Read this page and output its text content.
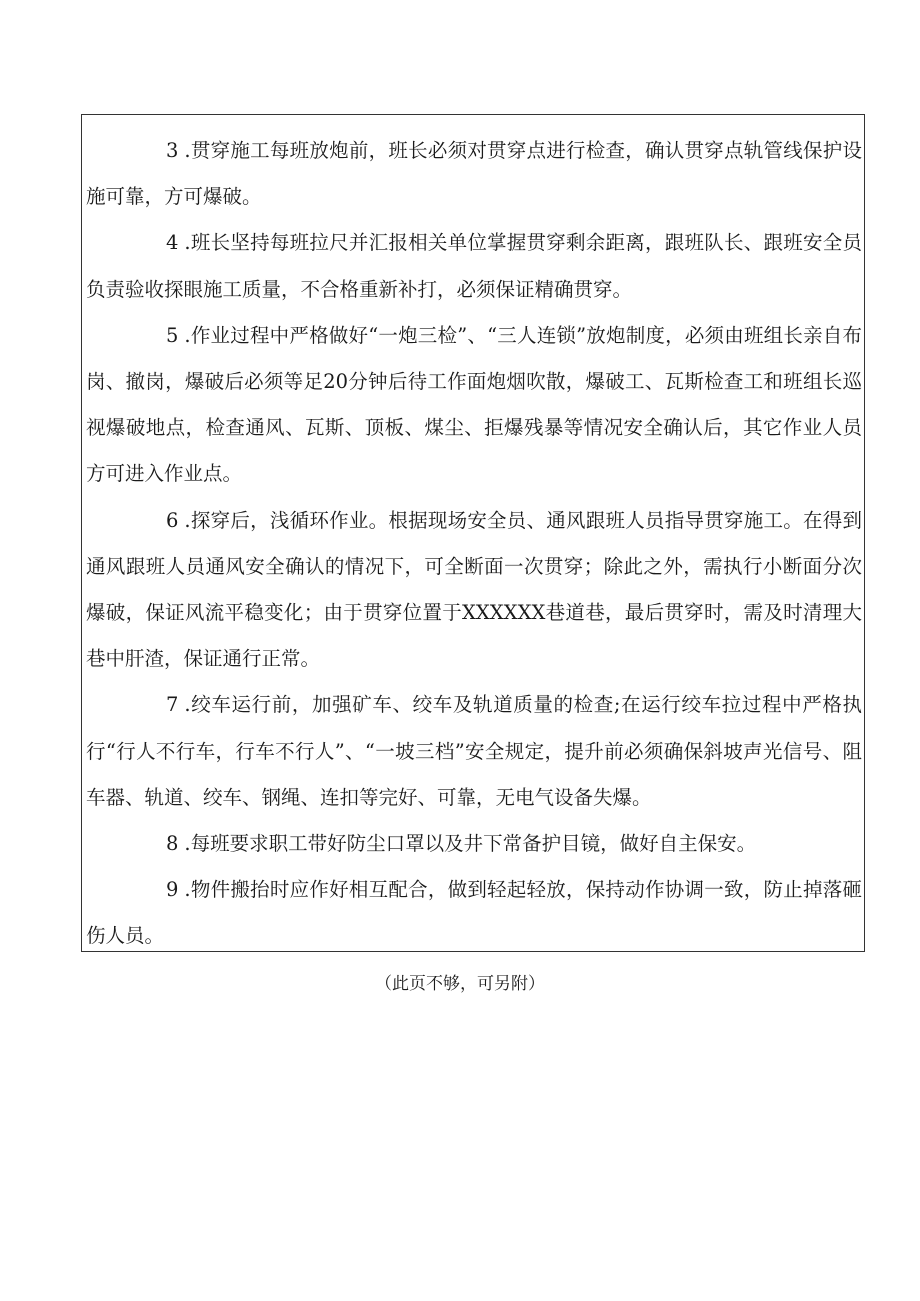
3 .贯穿施工每班放炮前，班长必须对贯穿点进行检查，确认贯穿点轨管线保护设施可靠，方可爆破。

4 .班长坚持每班拉尺并汇报相关单位掌握贯穿剩余距离，跟班队长、跟班安全员负责验收探眼施工质量，不合格重新补打，必须保证精确贯穿。

5 .作业过程中严格做好“一炮三检”、“三人连锁”放炮制度，必须由班组长亲自布岗、撤岗，爆破后必须等足20分钟后待工作面炮烟吹散，爆破工、瓦斯检查工和班组长巡视爆破地点，检查通风、瓦斯、顶板、煤尘、拒爆残暴等情况安全确认后，其它作业人员方可进入作业点。

6 .探穿后，浅循环作业。根据现场安全员、通风跟班人员指导贯穿施工。在得到通风跟班人员通风安全确认的情况下，可全断面一次贯穿；除此之外，需执行小断面分次爆破，保证风流平稳变化；由于贯穿位置于XXXXXX巷道巷，最后贯穿时，需及时清理大巷中肝渣，保证通行正常。

7 .绞车运行前，加强矿车、绞车及轨道质量的检查;在运行绞车拉过程中严格执行“行人不行车，行车不行人”、“一坡三档”安全规定，提升前必须确保斜坡声光信号、阻车器、轨道、绞车、钢绳、连扣等完好、可靠，无电气设备失爆。

8 .每班要求职工带好防尘口罩以及井下常备护目镜，做好自主保安。

9 .物件搬抬时应作好相互配合，做到轻起轻放，保持动作协调一致，防止掉落砸伤人员。

（此页不够，可另附）
